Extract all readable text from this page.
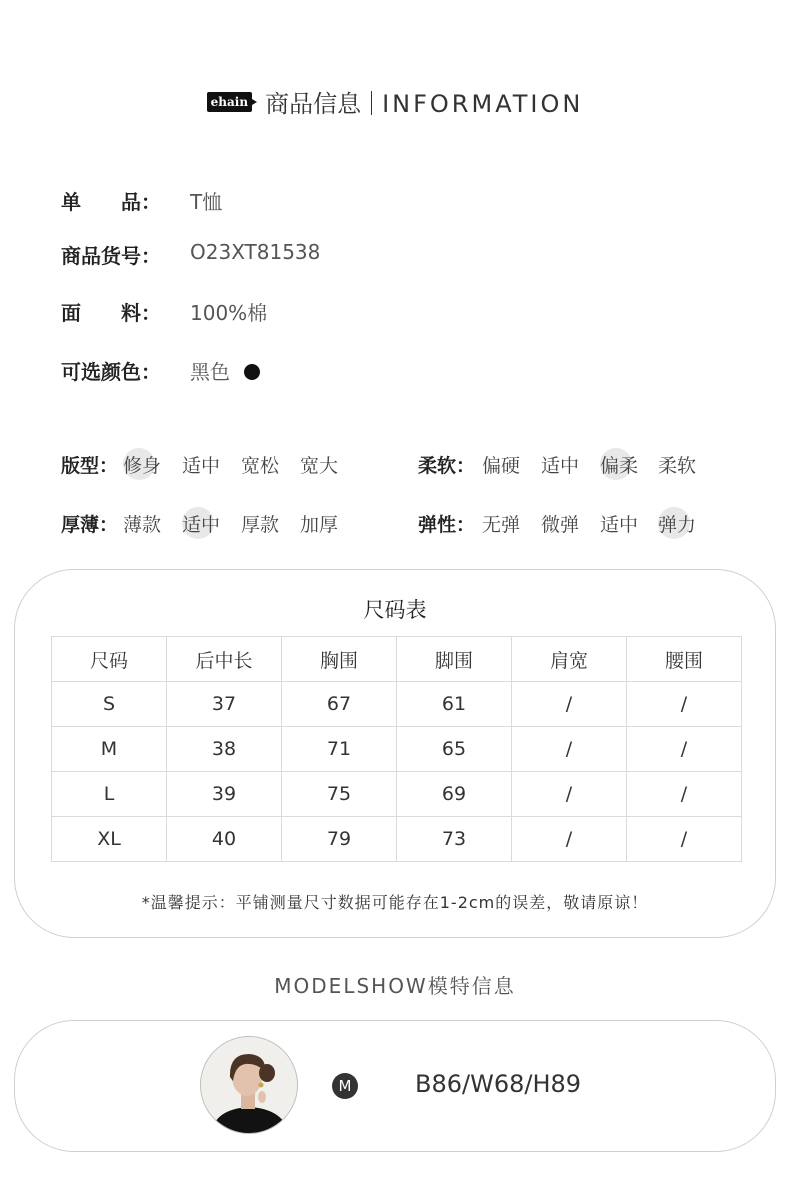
ehain 商品信息 INFORMATION
单　　品： T恤
商品货号： O23XT81538
面　　料： 100%棉
可选颜色： 黑色
版型： 修身 适中 宽松 宽大	柔软： 偏硬 适中 偏柔 柔软
厚薄： 薄款 适中 厚款 加厚	弹性： 无弹 微弹 适中 弹力
尺码表
尺码	后中长	胸围	脚围	肩宽	腰围
S	37	67	61	/	/
M	38	71	65	/	/
L	39	75	69	/	/
XL	40	79	73	/	/
*温馨提示：平铺测量尺寸数据可能存在1-2cm的误差，敬请原谅！
MODELSHOW模特信息
M	B86/W68/H89
